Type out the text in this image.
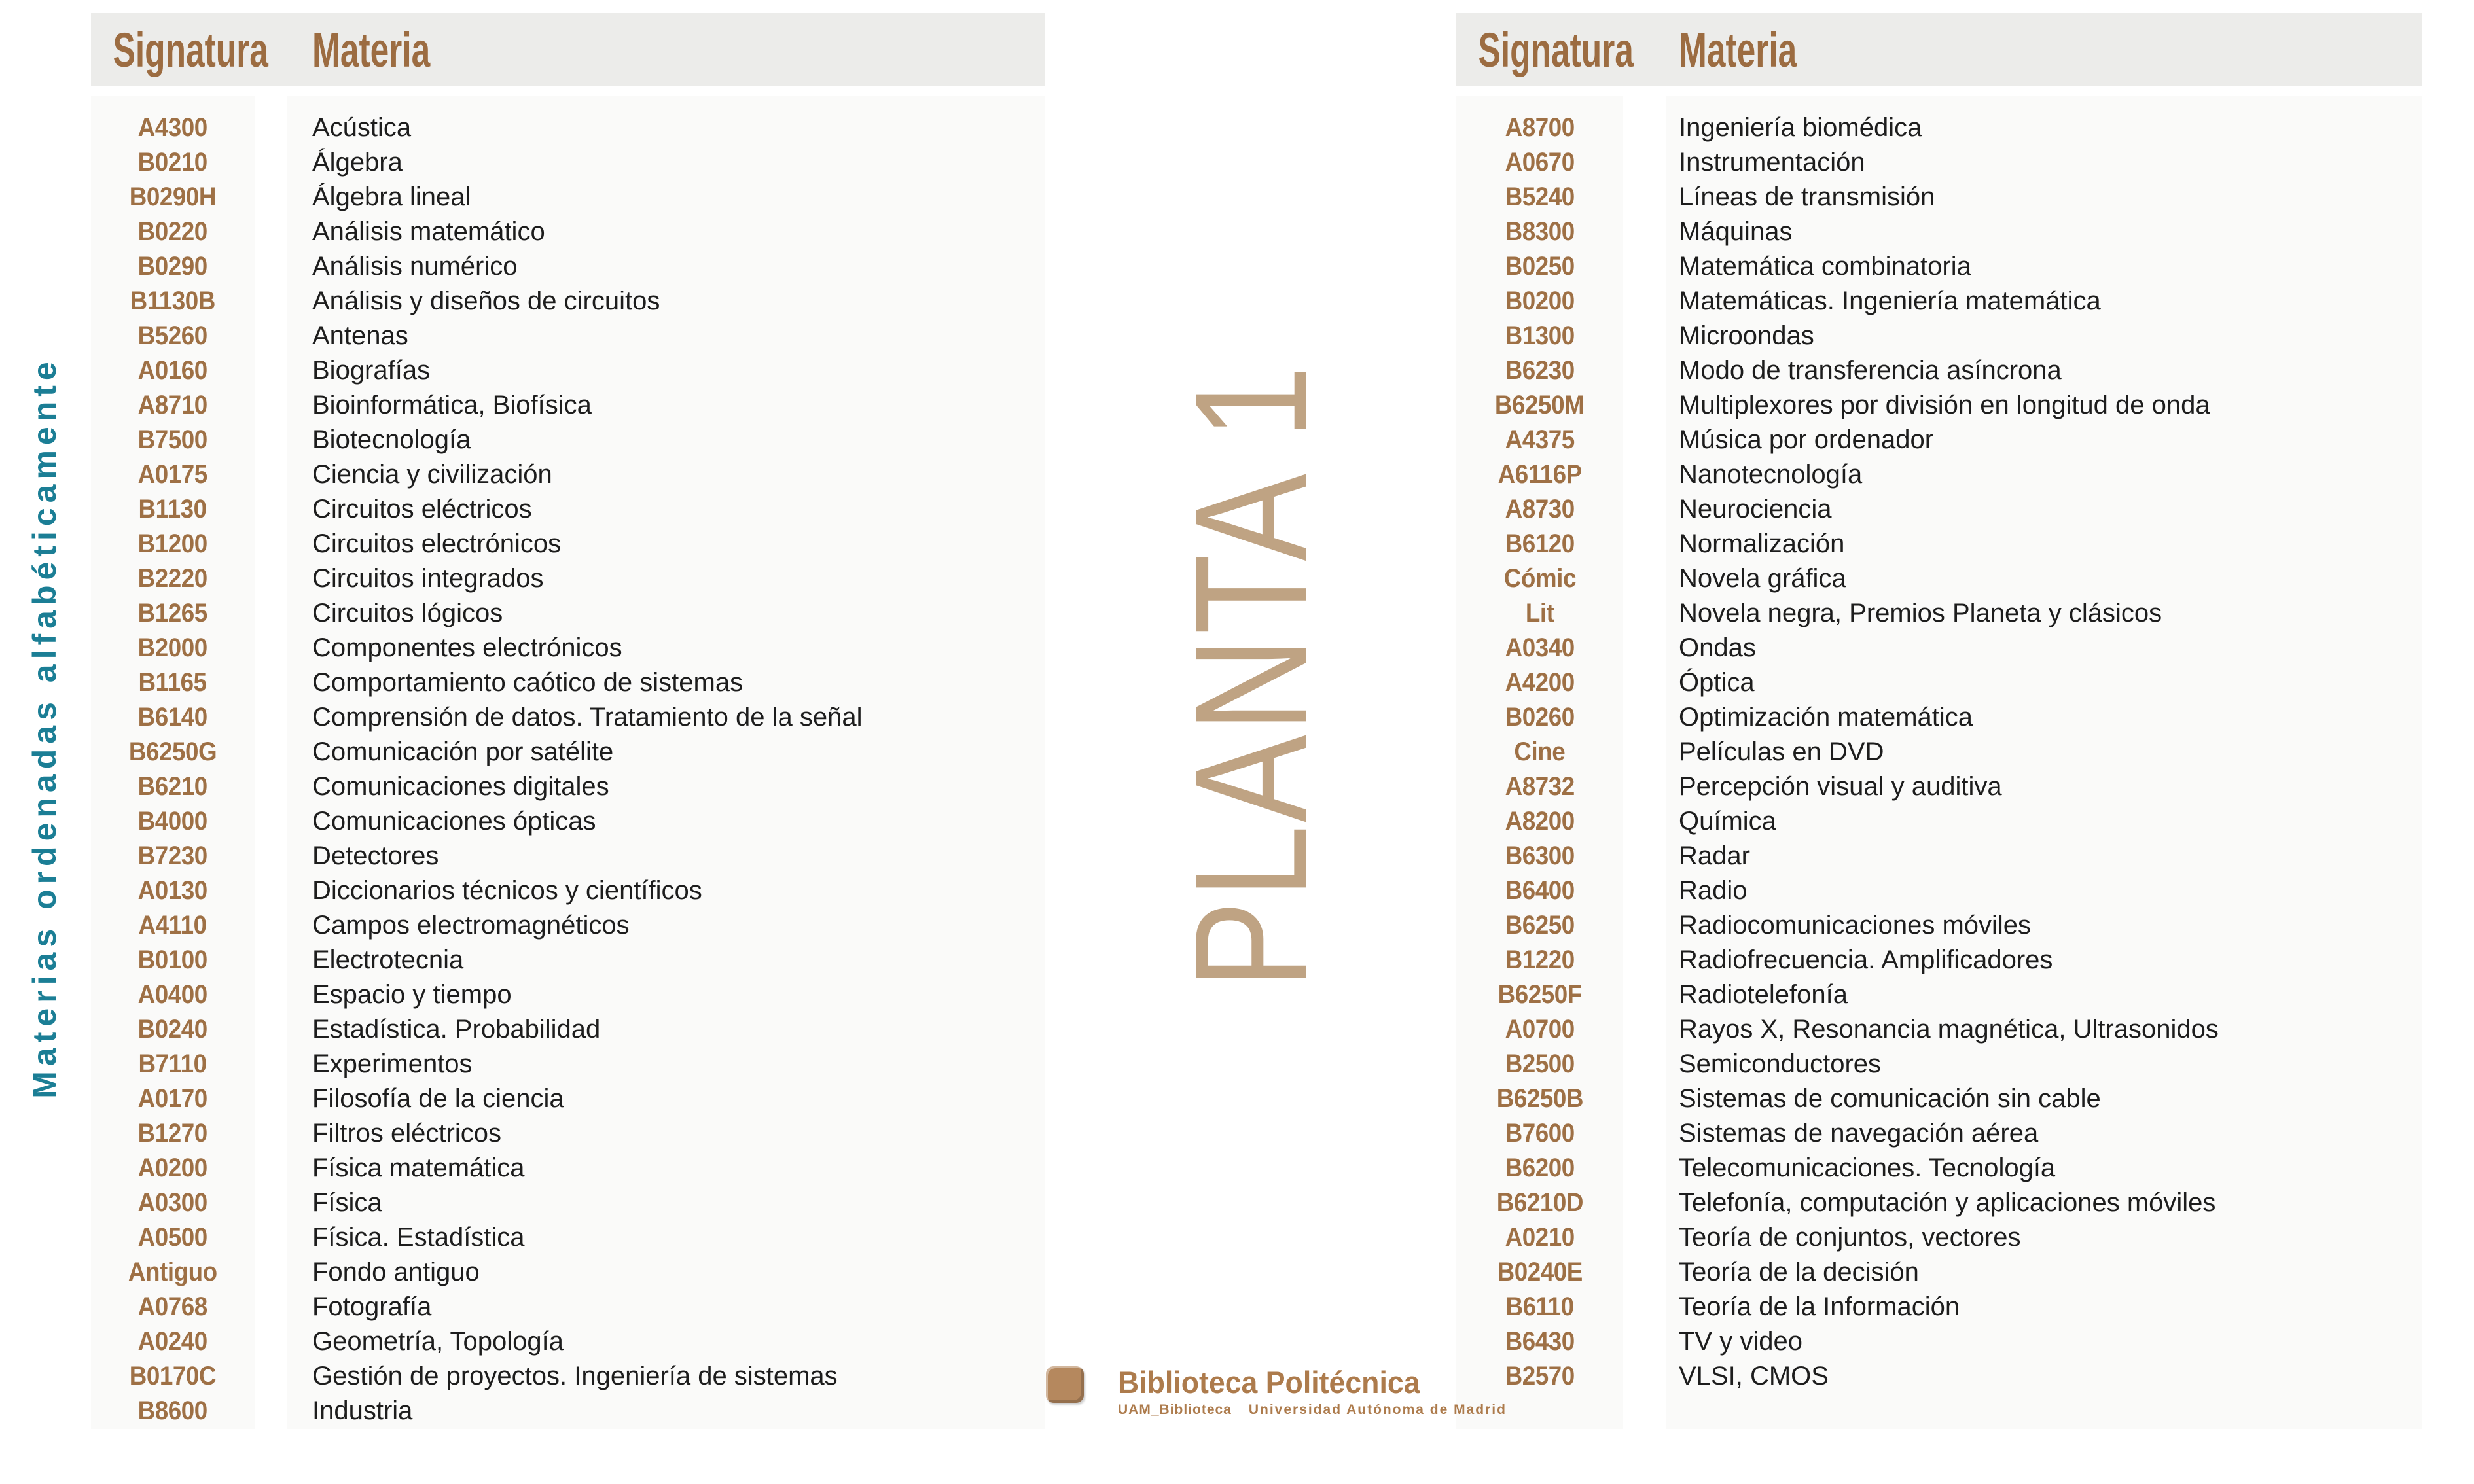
Materias ordenadas alfabéticamente
Signatura Materia
A4300	Acústica
B0210	Álgebra
B0290H	Álgebra lineal
B0220	Análisis matemático
B0290	Análisis numérico
B1130B	Análisis y diseños de circuitos
B5260	Antenas
A0160	Biografías
A8710	Bioinformática, Biofísica
B7500	Biotecnología
A0175	Ciencia y civilización
B1130	Circuitos eléctricos
B1200	Circuitos electrónicos
B2220	Circuitos integrados
B1265	Circuitos lógicos
B2000	Componentes electrónicos
B1165	Comportamiento caótico de sistemas
B6140	Comprensión de datos. Tratamiento de la señal
B6250G	Comunicación por satélite
B6210	Comunicaciones digitales
B4000	Comunicaciones ópticas
B7230	Detectores
A0130	Diccionarios técnicos y científicos
A4110	Campos electromagnéticos
B0100	Electrotecnia
A0400	Espacio y tiempo
B0240	Estadística. Probabilidad
B7110	Experimentos
A0170	Filosofía de la ciencia
B1270	Filtros eléctricos
A0200	Física matemática
A0300	Física
A0500	Física. Estadística
Antiguo	Fondo antiguo
A0768	Fotografía
A0240	Geometría, Topología
B0170C	Gestión de proyectos. Ingeniería de sistemas
B8600	Industria
Signatura Materia
A8700	Ingeniería biomédica
A0670	Instrumentación
B5240	Líneas de transmisión
B8300	Máquinas
B0250	Matemática combinatoria
B0200	Matemáticas. Ingeniería matemática
B1300	Microondas
B6230	Modo de transferencia asíncrona
B6250M	Multiplexores por división en longitud de onda
A4375	Música por ordenador
A6116P	Nanotecnología
A8730	Neurociencia
B6120	Normalización
Cómic	Novela gráfica
Lit	Novela negra, Premios Planeta y clásicos
A0340	Ondas
A4200	Óptica
B0260	Optimización matemática
Cine	Películas en DVD
A8732	Percepción visual y auditiva
A8200	Química
B6300	Radar
B6400	Radio
B6250	Radiocomunicaciones móviles
B1220	Radiofrecuencia. Amplificadores
B6250F	Radiotelefonía
A0700	Rayos X, Resonancia magnética, Ultrasonidos
B2500	Semiconductores
B6250B	Sistemas de comunicación sin cable
B7600	Sistemas de navegación aérea
B6200	Telecomunicaciones. Tecnología
B6210D	Telefonía, computación y aplicaciones móviles
A0210	Teoría de conjuntos, vectores
B0240E	Teoría de la decisión
B6110	Teoría de la Información
B6430	TV y video
B2570	VLSI, CMOS
PLANTA 1
Biblioteca Politécnica
UAM_Biblioteca Universidad Autónoma de Madrid
